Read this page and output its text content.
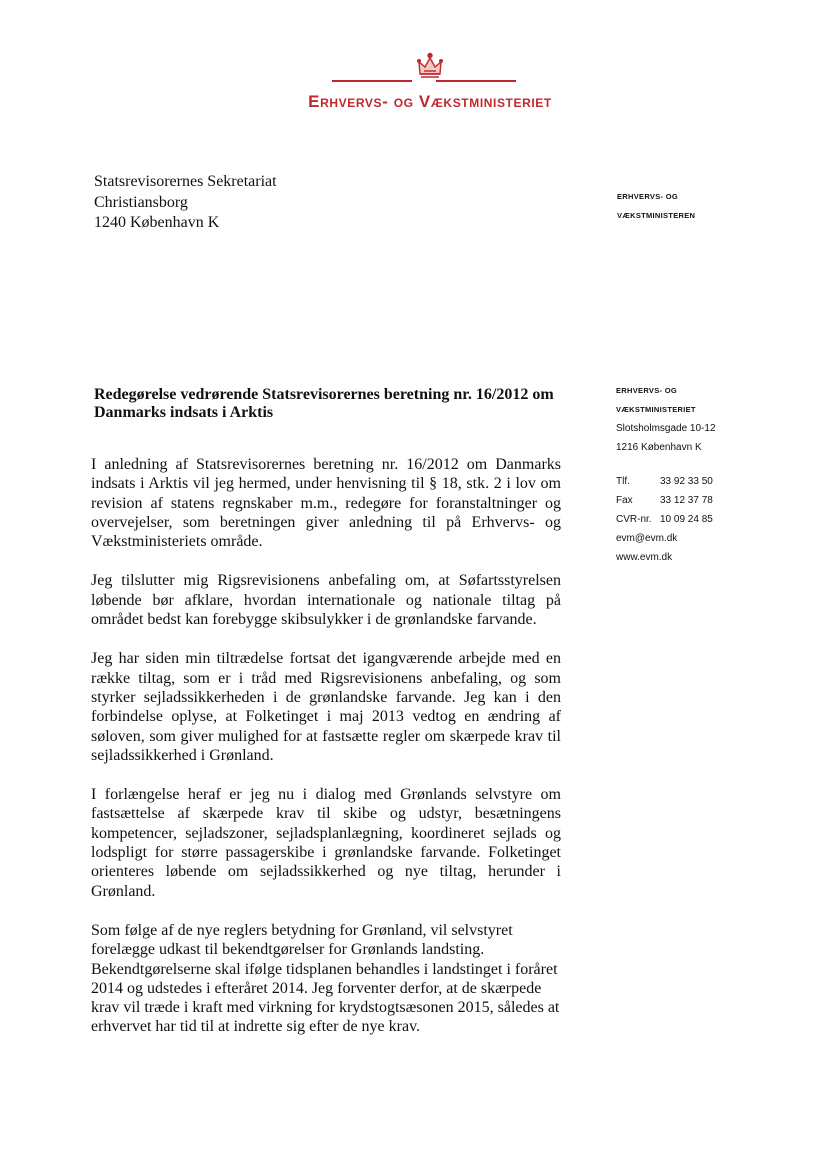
Erhvervs- og Vækstministeriet
Statsrevisorernes Sekretariat
Christiansborg
1240 København K
ERHVERVS- OG
VÆKSTMINISTEREN
ERHVERVS- OG
VÆKSTMINISTERIET
Slotsholmsgade 10-12
1216 København K
Tlf.	33 92 33 50
Fax	33 12 37 78
CVR-nr. 10 09 24 85
evm@evm.dk
www.evm.dk
Redegørelse vedrørende Statsrevisorernes beretning nr. 16/2012 om Danmarks indsats i Arktis

I anledning af Statsrevisorernes beretning nr. 16/2012 om Danmarks indsats i Arktis vil jeg hermed, under henvisning til § 18, stk. 2 i lov om revision af statens regnskaber m.m., redegøre for foranstaltninger og overvejelser, som beretningen giver anledning til på Erhvervs- og Vækstministeriets område.

Jeg tilslutter mig Rigsrevisionens anbefaling om, at Søfartsstyrelsen løbende bør afklare, hvordan internationale og nationale tiltag på området bedst kan forebygge skibsulykker i de grønlandske farvande.

Jeg har siden min tiltrædelse fortsat det igangværende arbejde med en række tiltag, som er i tråd med Rigsrevisionens anbefaling, og som styrker sejladssikkerheden i de grønlandske farvande. Jeg kan i den forbindelse oplyse, at Folketinget i maj 2013 vedtog en ændring af søloven, som giver mulighed for at fastsætte regler om skærpede krav til sejladssikkerhed i Grønland.

I forlængelse heraf er jeg nu i dialog med Grønlands selvstyre om fastsættelse af skærpede krav til skibe og udstyr, besætningens kompetencer, sejladszoner, sejladsplanlægning, koordineret sejlads og lodspligt for større passagerskibe i grønlandske farvande. Folketinget orienteres løbende om sejladssikkerhed og nye tiltag, herunder i Grønland.

Som følge af de nye reglers betydning for Grønland, vil selvstyret forelægge udkast til bekendtgørelser for Grønlands landsting. Bekendtgørelserne skal ifølge tidsplanen behandles i landstinget i foråret 2014 og udstedes i efteråret 2014. Jeg forventer derfor, at de skærpede krav vil træde i kraft med virkning for krydstogtsæsonen 2015, således at erhvervet har tid til at indrette sig efter de nye krav.
